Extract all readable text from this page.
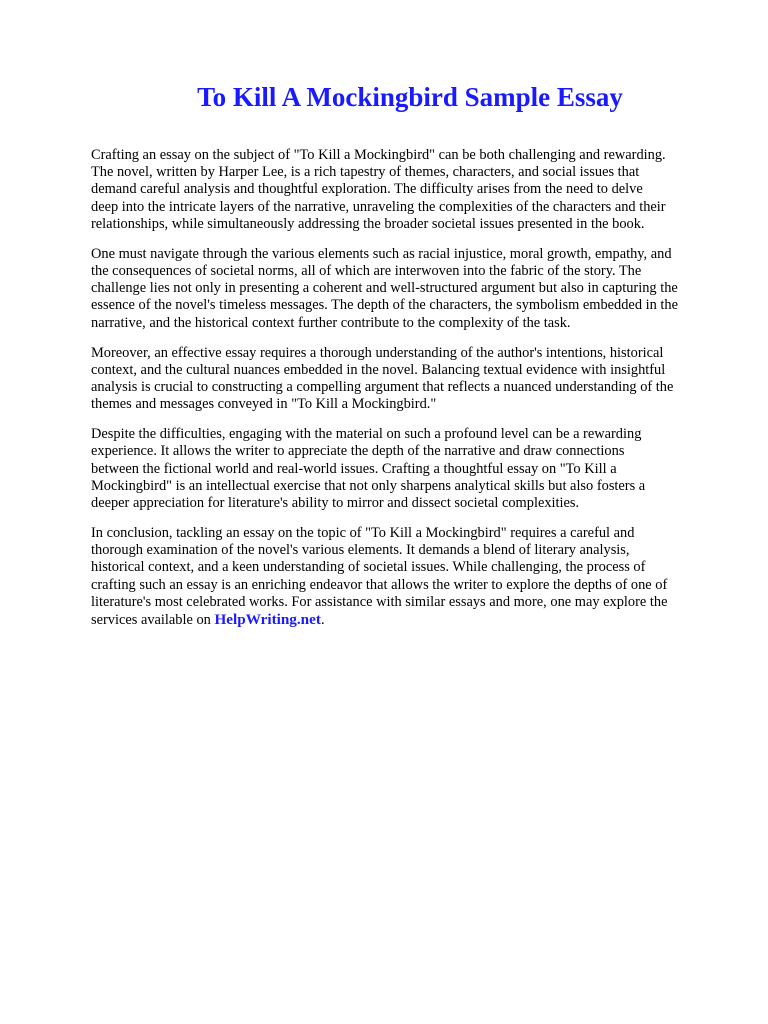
To Kill A Mockingbird Sample Essay

Crafting an essay on the subject of "To Kill a Mockingbird" can be both challenging and rewarding.
The novel, written by Harper Lee, is a rich tapestry of themes, characters, and social issues that
demand careful analysis and thoughtful exploration. The difficulty arises from the need to delve
deep into the intricate layers of the narrative, unraveling the complexities of the characters and their
relationships, while simultaneously addressing the broader societal issues presented in the book.

One must navigate through the various elements such as racial injustice, moral growth, empathy, and
the consequences of societal norms, all of which are interwoven into the fabric of the story. The
challenge lies not only in presenting a coherent and well-structured argument but also in capturing the
essence of the novel's timeless messages. The depth of the characters, the symbolism embedded in the
narrative, and the historical context further contribute to the complexity of the task.

Moreover, an effective essay requires a thorough understanding of the author's intentions, historical
context, and the cultural nuances embedded in the novel. Balancing textual evidence with insightful
analysis is crucial to constructing a compelling argument that reflects a nuanced understanding of the
themes and messages conveyed in "To Kill a Mockingbird."

Despite the difficulties, engaging with the material on such a profound level can be a rewarding
experience. It allows the writer to appreciate the depth of the narrative and draw connections
between the fictional world and real-world issues. Crafting a thoughtful essay on "To Kill a
Mockingbird" is an intellectual exercise that not only sharpens analytical skills but also fosters a
deeper appreciation for literature's ability to mirror and dissect societal complexities.

In conclusion, tackling an essay on the topic of "To Kill a Mockingbird" requires a careful and
thorough examination of the novel's various elements. It demands a blend of literary analysis,
historical context, and a keen understanding of societal issues. While challenging, the process of
crafting such an essay is an enriching endeavor that allows the writer to explore the depths of one of
literature's most celebrated works. For assistance with similar essays and more, one may explore the
services available on HelpWriting.net.
